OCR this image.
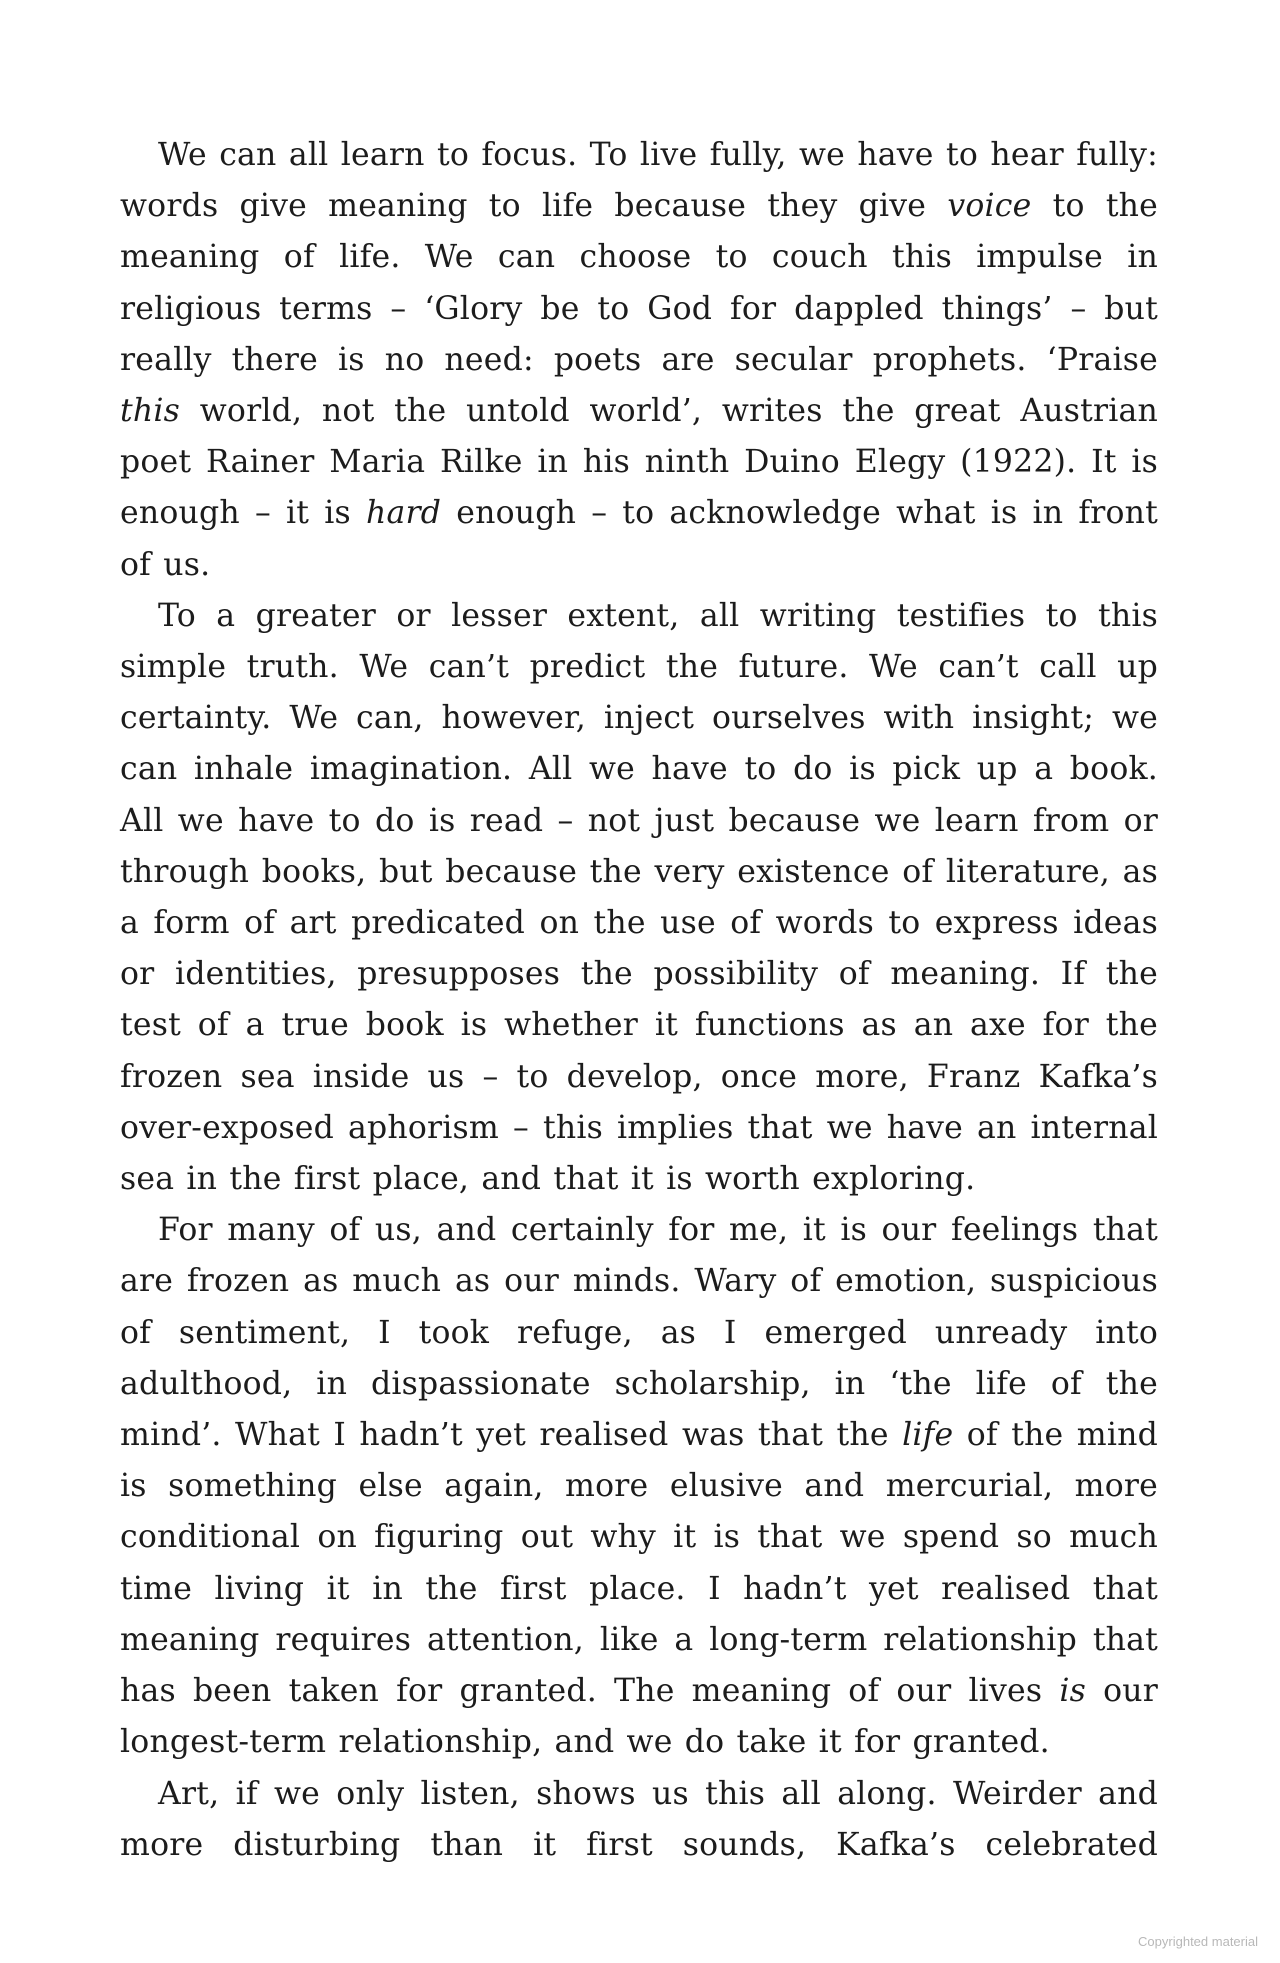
We can all learn to focus. To live fully, we have to hear fully: words give meaning to life because they give voice to the meaning of life. We can choose to couch this impulse in religious terms – ‘Glory be to God for dappled things’ – but really there is no need: poets are secular prophets. ‘Praise this world, not the untold world’, writes the great Austrian poet Rainer Maria Rilke in his ninth Duino Elegy (1922). It is enough – it is hard enough – to acknowledge what is in front of us.

To a greater or lesser extent, all writing testifies to this simple truth. We can’t predict the future. We can’t call up certainty. We can, however, inject ourselves with insight; we can inhale imagination. All we have to do is pick up a book. All we have to do is read – not just because we learn from or through books, but because the very existence of literature, as a form of art predicated on the use of words to express ideas or identities, presupposes the possibility of meaning. If the test of a true book is whether it functions as an axe for the frozen sea inside us – to develop, once more, Franz Kafka’s over-exposed aphorism – this implies that we have an internal sea in the first place, and that it is worth exploring.

For many of us, and certainly for me, it is our feelings that are frozen as much as our minds. Wary of emotion, suspicious of sentiment, I took refuge, as I emerged unready into adulthood, in dispassionate scholarship, in ‘the life of the mind’. What I hadn’t yet realised was that the life of the mind is something else again, more elusive and mercurial, more conditional on figuring out why it is that we spend so much time living it in the first place. I hadn’t yet realised that meaning requires attention, like a long-term relationship that has been taken for granted. The meaning of our lives is our longest-term relationship, and we do take it for granted.

Art, if we only listen, shows us this all along. Weirder and more disturbing than it first sounds, Kafka’s celebrated

Copyrighted material
